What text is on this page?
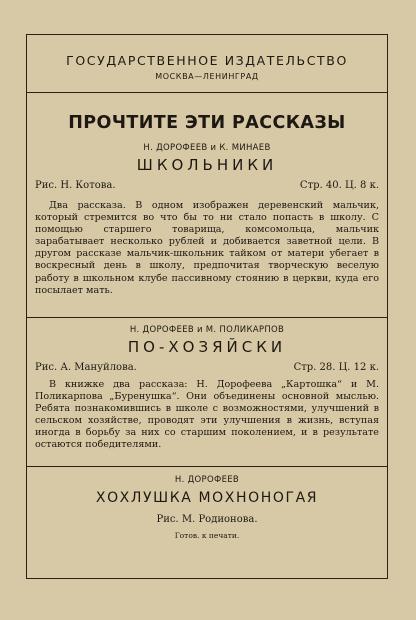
ГОСУДАРСТВЕННОЕ ИЗДАТЕЛЬСТВО
МОСКВА—ЛЕНИНГРАД
ПРОЧТИТЕ ЭТИ РАССКАЗЫ
Н. ДОРОФЕЕВ и К. МИНАЕВ
ШКОЛЬНИКИ
Рис. Н. Котова.	Стр. 40. Ц. 8 к.
Два рассказа. В одном изображен деревенский мальчик, который стремится во что бы то ни стало попасть в школу. С помощью старшего товарища, комсомольца, мальчик зарабатывает несколько рублей и добивается заветной цели. В другом рассказе мальчик-школьник тайком от матери убегает в воскресный день в школу, предпочитая творческую веселую работу в школьном клубе пассивному стоянию в церкви, куда его посылает мать.
Н. ДОРОФЕЕВ и М. ПОЛИКАРПОВ
ПО-ХОЗЯЙСКИ
Рис. А. Мануйлова.	Стр. 28. Ц. 12 к.
В книжке два рассказа: Н. Дорофеева „Картошка“ и М. Поликарпова „Буренушка“. Они объединены основной мыслью. Ребята познакомившись в школе с возможностями, улучшений в сельском хозяйстве, проводят эти улучшения в жизнь, вступая иногда в борьбу за них со старшим поколением, и в результате остаются победителями.
Н. ДОРОФЕЕВ
ХОХЛУШКА МОХНОНОГАЯ
Рис. М. Родионова.
Готов. к печати.
